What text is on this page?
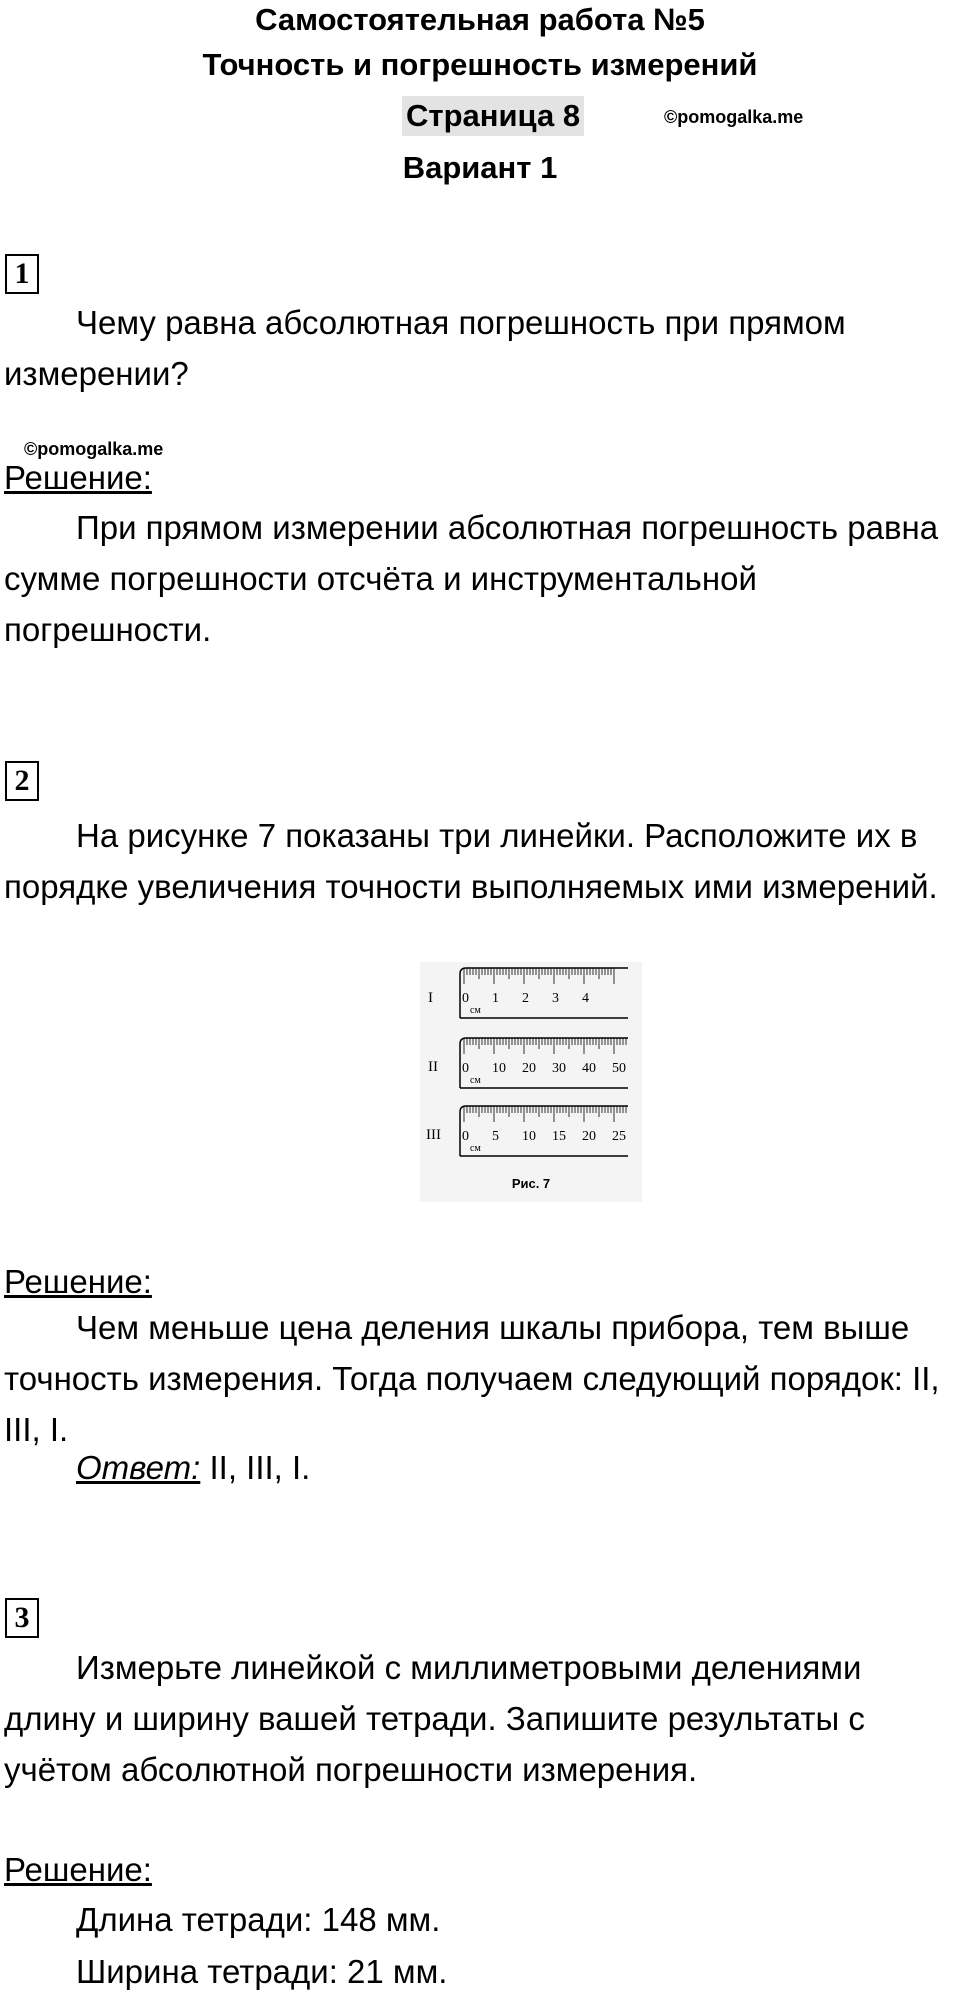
Самостоятельная работа №5
Точность и погрешность измерений
Страница 8	©pomogalka.me
Вариант 1
1
Чему равна абсолютная погрешность при прямом измерении?
©pomogalka.me
Решение:
При прямом измерении абсолютная погрешность равна сумме погрешности отсчёта и инструментальной погрешности.
2
На рисунке 7 показаны три линейки. Расположите их в порядке увеличения точности выполняемых ими измерений.
I
II
III
0 1 2 3 4
см
0 10 20 30 40 50
см
0 5 10 15 20 25
см
Рис. 7
Решение:
Чем меньше цена деления шкалы прибора, тем выше точность измерения. Тогда получаем следующий порядок: II, III, I.
Ответ: II, III, I.
3
Измерьте линейкой с миллиметровыми делениями длину и ширину вашей тетради. Запишите результаты с учётом абсолютной погрешности измерения.
Решение:
Длина тетради: 148 мм.
Ширина тетради: 21 мм.
